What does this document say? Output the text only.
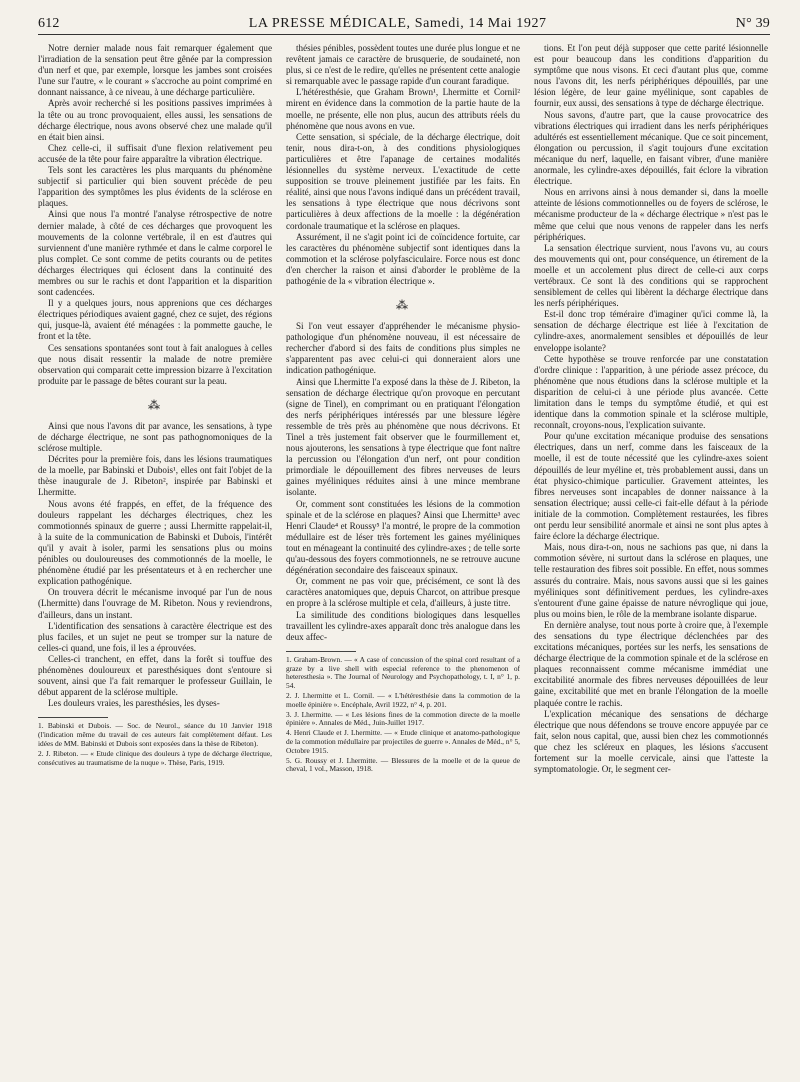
612	LA PRESSE MÉDICALE, Samedi, 14 Mai 1927	N° 39

Notre dernier malade nous fait remarquer également que l'irradiation de la sensation peut être gênée par la compression d'un nerf et que, par exemple, lorsque les jambes sont croisées l'une sur l'autre, « le courant » s'accroche au point comprimé en donnant naissance, à ce niveau, à une décharge particulière.

Après avoir recherché si les positions passives imprimées à la tête ou au tronc provoquaient, elles aussi, les sensations de décharge électrique, nous avons observé chez une malade qu'il en était bien ainsi.

Chez celle-ci, il suffisait d'une flexion relativement peu accusée de la tête pour faire apparaître la vibration électrique.

Tels sont les caractères les plus marquants du phénomène subjectif si particulier qui bien souvent précède de peu l'apparition des symptômes les plus évidents de la sclérose en plaques.

Ainsi que nous l'a montré l'analyse rétrospective de notre dernier malade, à côté de ces décharges que provoquent les mouvements de la colonne vertébrale, il en est d'autres qui surviennent d'une manière rythmée et dans le calme corporel le plus complet. Ce sont comme de petits courants ou de petites décharges électriques qui éclosent dans la continuité des membres ou sur le rachis et dont l'apparition et la disparition sont cadencées.

Il y a quelques jours, nous apprenions que ces décharges électriques périodiques avaient gagné, chez ce sujet, des régions qui, jusque-là, avaient été ménagées : la pommette gauche, le front et la tête.

Ces sensations spontanées sont tout à fait analogues à celles que nous disait ressentir la malade de notre première observation qui comparait cette impression bizarre à l'excitation produite par le passage de bêtes courant sur la peau.

⁂

Ainsi que nous l'avons dit par avance, les sensations, à type de décharge électrique, ne sont pas pathognomoniques de la sclérose multiple.

Décrites pour la première fois, dans les lésions traumatiques de la moelle, par Babinski et Dubois¹, elles ont fait l'objet de la thèse inaugurale de J. Ribeton², inspirée par Babinski et Lhermitte.

Nous avons été frappés, en effet, de la fréquence des douleurs rappelant les décharges électriques, chez les commotionnés spinaux de guerre ; aussi Lhermitte rappelait-il, à la suite de la communication de Babinski et Dubois, l'intérêt qu'il y avait à isoler, parmi les sensations plus ou moins pénibles ou douloureuses des commotionnés de la moelle, le phénomène étudié par les présentateurs et à en rechercher une explication pathogénique.

On trouvera décrit le mécanisme invoqué par l'un de nous (Lhermitte) dans l'ouvrage de M. Ribeton. Nous y reviendrons, d'ailleurs, dans un instant.

L'identification des sensations à caractère électrique est des plus faciles, et un sujet ne peut se tromper sur la nature de celles-ci quand, une fois, il les a éprouvées.

Celles-ci tranchent, en effet, dans la forêt si touffue des phénomènes douloureux et paresthésiques dont s'entoure si souvent, ainsi que l'a fait remarquer le professeur Guillain, le début apparent de la sclérose multiple.

Les douleurs vraies, les paresthésies, les dyses-

1. Babinski et Dubois. — Soc. de Neurol., séance du 10 Janvier 1918 (l'indication même du travail de ces auteurs fait complètement défaut. Les idées de MM. Babinski et Dubois sont exposées dans la thèse de Ribeton).

2. J. Ribeton. — « Etude clinique des douleurs à type de décharge électrique, consécutives au traumatisme de la nuque ». Thèse, Paris, 1919.

thésies pénibles, possèdent toutes une durée plus longue et ne revêtent jamais ce caractère de brusquerie, de soudaineté, non plus, si ce n'est de le redire, qu'elles ne présentent cette analogie si remarquable avec le passage rapide d'un courant faradique.

L'hétéresthésie, que Graham Brown¹, Lhermitte et Cornil² mirent en évidence dans la commotion de la partie haute de la moelle, ne présente, elle non plus, aucun des attributs réels du phénomène que nous avons en vue.

Cette sensation, si spéciale, de la décharge électrique, doit tenir, nous dira-t-on, à des conditions physiologiques particulières et être l'apanage de certaines modalités lésionnelles du système nerveux. L'exactitude de cette supposition se trouve pleinement justifiée par les faits. En réalité, ainsi que nous l'avons indiqué dans un précédent travail, les sensations à type électrique que nous décrivons sont particulières à deux affections de la moelle : la dégénération cordonale traumatique et la sclérose en plaques.

Assurément, il ne s'agit point ici de coïncidence fortuite, car les caractères du phénomène subjectif sont identiques dans la commotion et la sclérose polyfasciculaire. Force nous est donc d'en chercher la raison et ainsi d'aborder le problème de la pathogénie de la « vibration électrique ».

⁂

Si l'on veut essayer d'appréhender le mécanisme physio-pathologique d'un phénomène nouveau, il est nécessaire de rechercher d'abord si des faits de conditions plus simples ne s'apparentent pas avec celui-ci qui donneraient alors une indication pathogénique.

Ainsi que Lhermitte l'a exposé dans la thèse de J. Ribeton, la sensation de décharge électrique qu'on provoque en percutant (signe de Tinel), en comprimant ou en pratiquant l'élongation des nerfs périphériques intéressés par une blessure légère ressemble de très près au phénomène que nous décrivons. Et Tinel a très justement fait observer que le fourmillement et, nous ajouterons, les sensations à type électrique que font naître la percussion ou l'élongation d'un nerf, ont pour condition primordiale le dépouillement des fibres nerveuses de leurs gaines myéliniques réduites ainsi à une mince membrane isolante.

Or, comment sont constituées les lésions de la commotion spinale et de la sclérose en plaques? Ainsi que Lhermitte³ avec Henri Claude⁴ et Roussy⁵ l'a montré, le propre de la commotion médullaire est de léser très fortement les gaines myéliniques tout en ménageant la continuité des cylindre-axes ; de telle sorte qu'au-dessous des foyers commotionnels, ne se retrouve aucune dégénération secondaire des faisceaux spinaux.

Or, comment ne pas voir que, précisément, ce sont là des caractères anatomiques que, depuis Charcot, on attribue presque en propre à la sclérose multiple et cela, d'ailleurs, à juste titre.

La similitude des conditions biologiques dans lesquelles travaillent les cylindre-axes apparaît donc très analogue dans les deux affec-

1. Graham-Brown. — « A case of concussion of the spinal cord resultant of a graze by a live shell with especial reference to the phenomenon of heteresthesia ». The Journal of Neurology and Psychopathology, t. I, n° 1, p. 54.

2. J. Lhermitte et L. Cornil. — « L'hétéresthésie dans la commotion de la moelle épinière ». Encéphale, Avril 1922, n° 4, p. 201.

3. J. Lhermitte. — « Les lésions fines de la commotion directe de la moelle épinière ». Annales de Méd., Juin-Juillet 1917.

4. Henri Claude et J. Lhermitte. — « Etude clinique et anatomo-pathologique de la commotion médullaire par projectiles de guerre ». Annales de Méd., n° 5, Octobre 1915.

5. G. Roussy et J. Lhermitte. — Blessures de la moelle et de la queue de cheval, 1 vol., Masson, 1918.

tions. Et l'on peut déjà supposer que cette parité lésionnelle est pour beaucoup dans les conditions d'apparition du symptôme que nous visons. Et ceci d'autant plus que, comme nous l'avons dit, les nerfs périphériques dépouillés, par une lésion légère, de leur gaine myélinique, sont capables de fournir, eux aussi, des sensations à type de décharge électrique.

Nous savons, d'autre part, que la cause provocatrice des vibrations électriques qui irradient dans les nerfs périphériques adultérés est essentiellement mécanique. Que ce soit pincement, élongation ou percussion, il s'agit toujours d'une excitation mécanique du nerf, laquelle, en faisant vibrer, d'une manière anormale, les cylindre-axes dépouillés, fait éclore la vibration électrique.

Nous en arrivons ainsi à nous demander si, dans la moelle atteinte de lésions commotionnelles ou de foyers de sclérose, le mécanisme producteur de la « décharge électrique » n'est pas le même que celui que nous venons de rappeler dans les nerfs périphériques.

La sensation électrique survient, nous l'avons vu, au cours des mouvements qui ont, pour conséquence, un étirement de la moelle et un accolement plus direct de celle-ci aux corps vertébraux. Ce sont là des conditions qui se rapprochent sensiblement de celles qui libèrent la décharge électrique dans les nerfs périphériques.

Est-il donc trop téméraire d'imaginer qu'ici comme là, la sensation de décharge électrique est liée à l'excitation de cylindre-axes, anormalement sensibles et dépouillés de leur enveloppe isolante?

Cette hypothèse se trouve renforcée par une constatation d'ordre clinique : l'apparition, à une période assez précoce, du phénomène que nous étudions dans la sclérose multiple et la disparition de celui-ci à une période plus avancée. Cette limitation dans le temps du symptôme étudié, et qui est identique dans la commotion spinale et la sclérose multiple, reconnaît, croyons-nous, l'explication suivante.

Pour qu'une excitation mécanique produise des sensations électriques, dans un nerf, comme dans les faisceaux de la moelle, il est de toute nécessité que les cylindre-axes soient dépouillés de leur myéline et, très probablement aussi, dans un état physico-chimique particulier. Gravement atteintes, les fibres nerveuses sont incapables de donner naissance à la sensation électrique; aussi celle-ci fait-elle défaut à la période initiale de la commotion. Complètement restaurées, les fibres ont perdu leur sensibilité anormale et ainsi ne sont plus aptes à faire éclore la décharge électrique.

Mais, nous dira-t-on, nous ne sachions pas que, ni dans la commotion sévère, ni surtout dans la sclérose en plaques, une telle restauration des fibres soit possible. En effet, nous sommes assurés du contraire. Mais, nous savons aussi que si les gaines myéliniques sont définitivement perdues, les cylindre-axes s'entourent d'une gaine épaisse de nature névroglique qui joue, plus ou moins bien, le rôle de la membrane isolante disparue.

En dernière analyse, tout nous porte à croire que, à l'exemple des sensations du type électrique déclenchées par des excitations mécaniques, portées sur les nerfs, les sensations de décharge électrique de la commotion spinale et de la sclérose en plaques reconnaissent comme mécanisme immédiat une excitabilité anormale des fibres nerveuses dépouillées de leur gaine, excitabilité que met en branle l'élongation de la moelle plaquée contre le rachis.

L'explication mécanique des sensations de décharge électrique que nous défendons se trouve encore appuyée par ce fait, selon nous capital, que, aussi bien chez les commotionnés que chez les scléreux en plaques, les lésions s'accusent fortement sur la moelle cervicale, ainsi que l'atteste la symptomatologie. Or, le segment cer-
